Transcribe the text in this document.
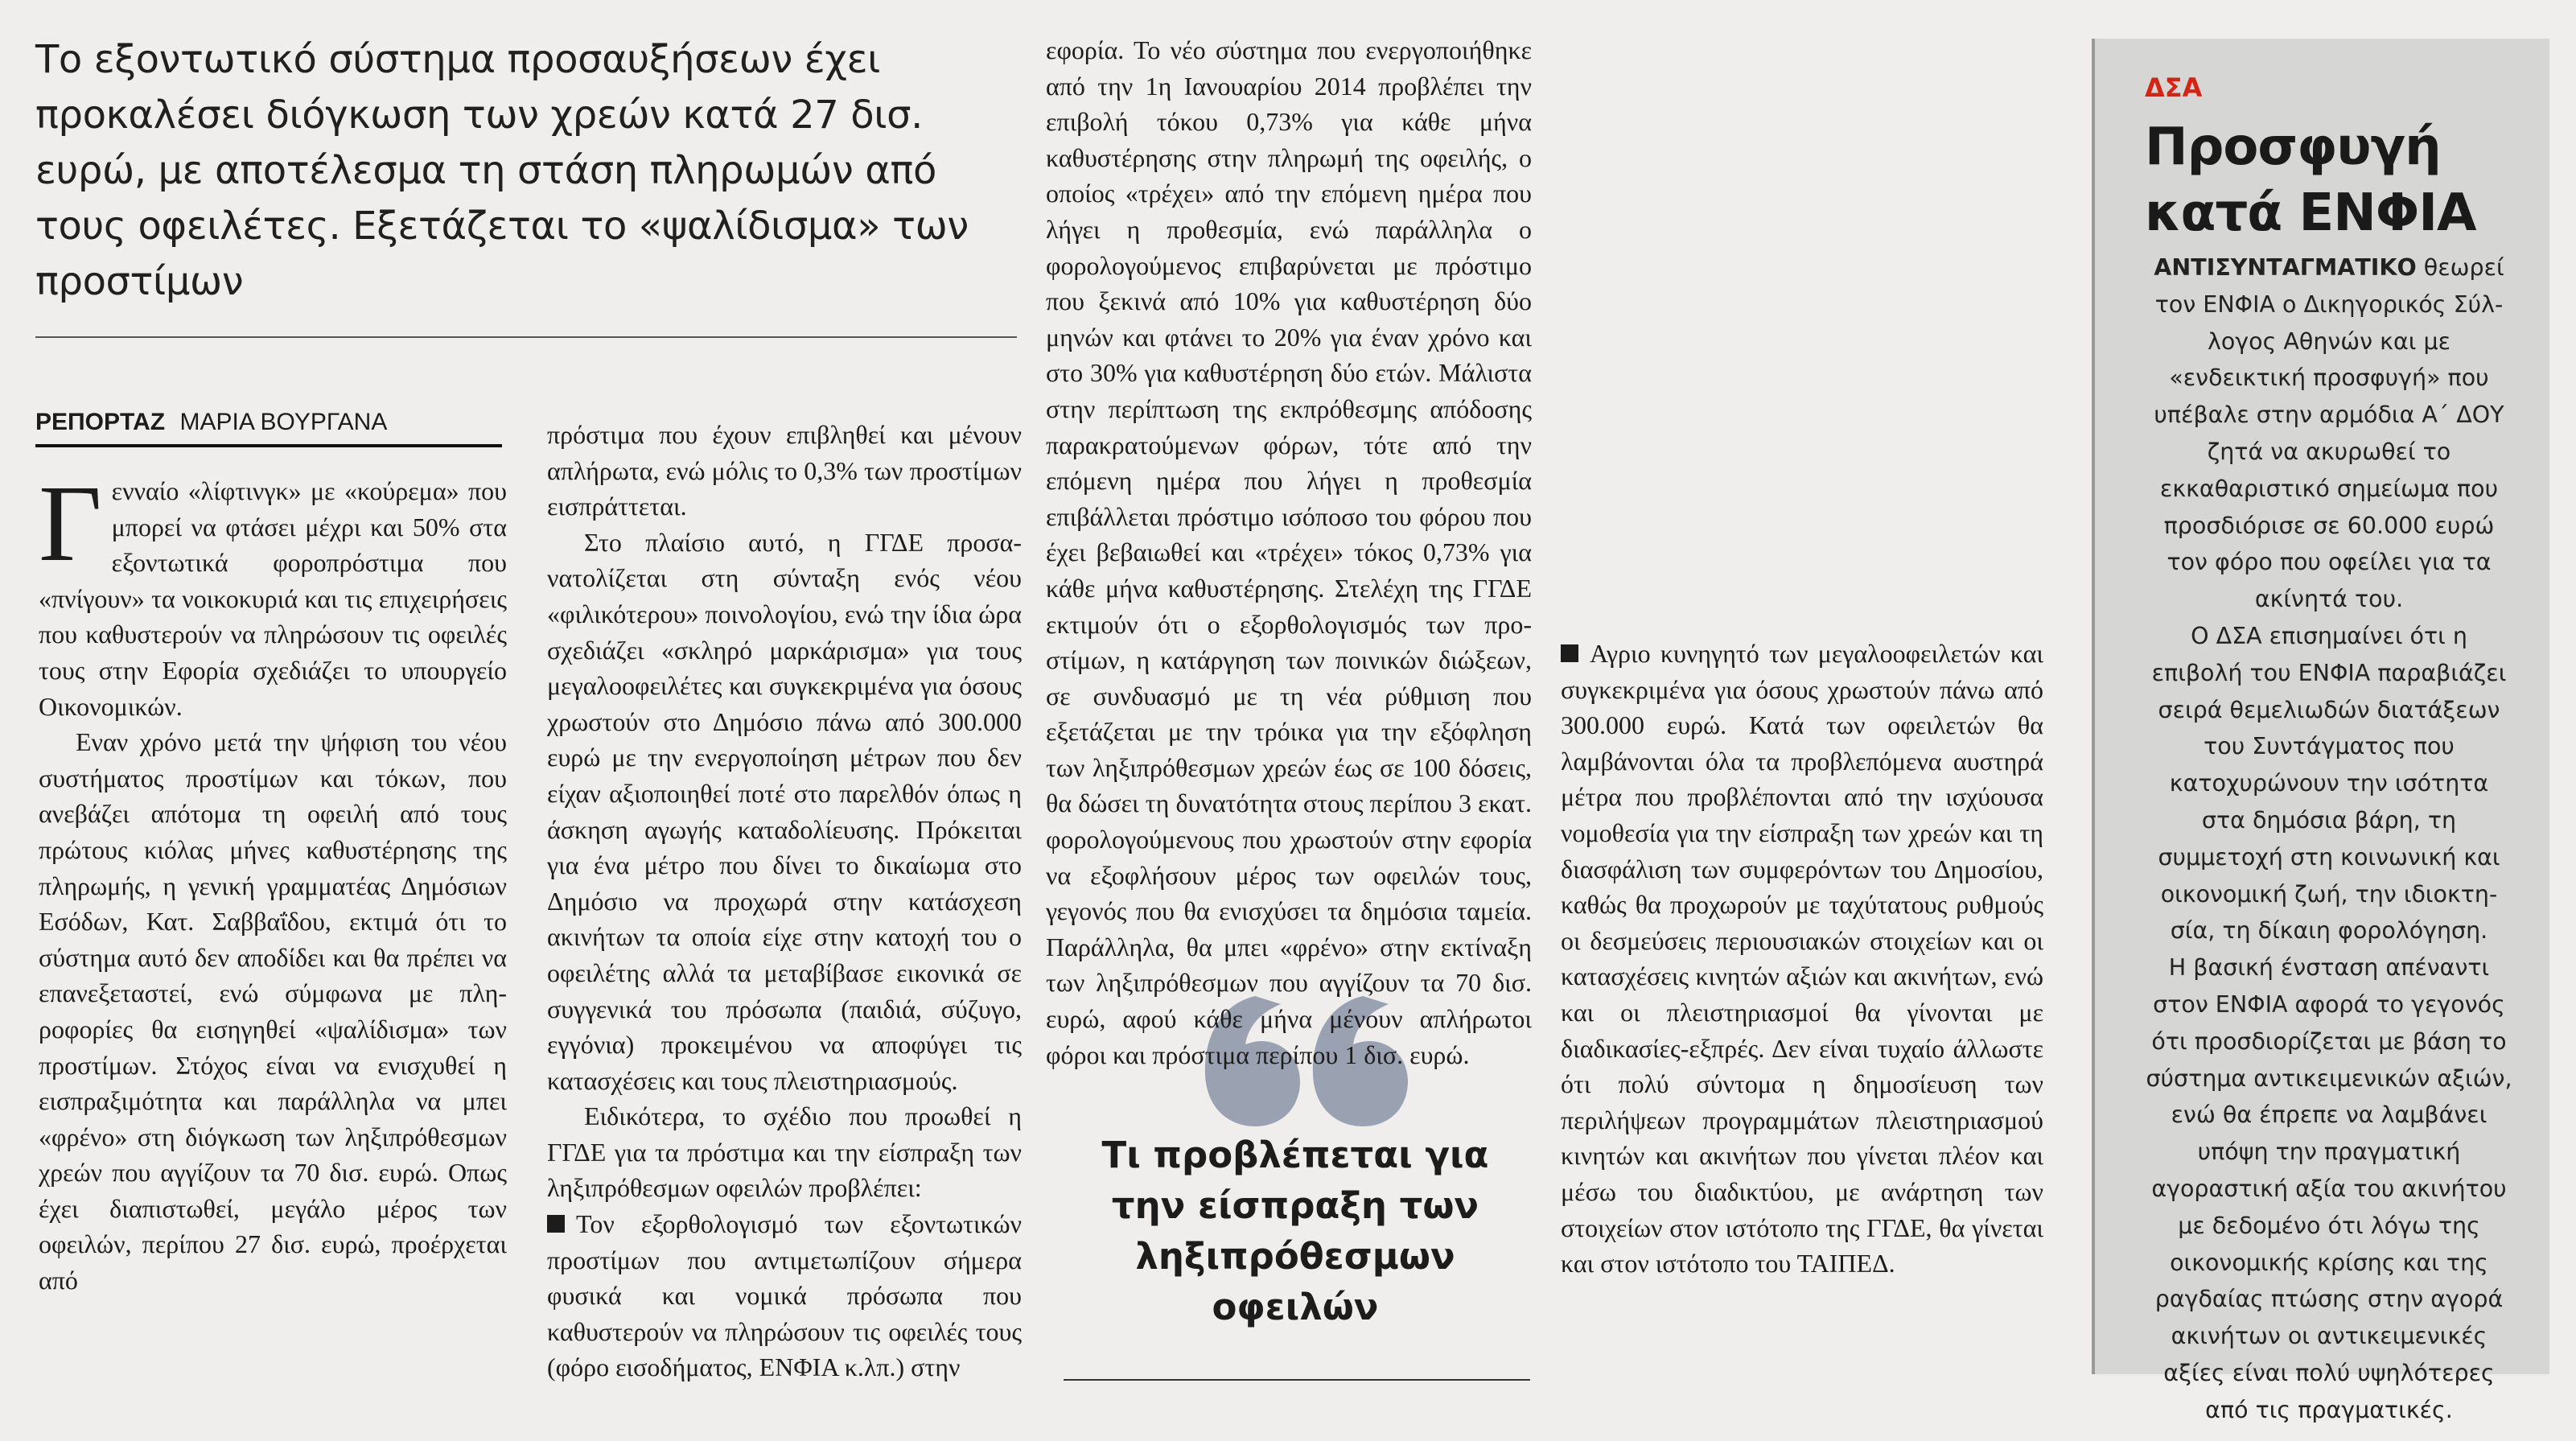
Το εξοντωτικό σύστημα προσαυξήσεων έχει προκαλέσει διόγκωση των χρεών κατά 27 δισ. ευρώ, με αποτέλεσμα τη στάση πληρωμών από τους οφειλέτες. Εξετάζεται το «ψαλίδισμα» των προστίμων
ΡΕΠΟΡΤΑΖ ΜΑΡΙΑ ΒΟΥΡΓΑΝΑ

Γενναίο «λίφτινγκ» με «κούρεμα» που μπορεί να φτάσει μέχρι και 50% στα εξοντωτικά φοροπρόστιμα που «πνίγουν» τα νοικοκυριά και τις επιχειρήσεις που καθυστερούν να πληρώσουν τις οφειλές τους στην Εφορία σχεδιάζει το υπουργείο Οικονομικών.

Εναν χρόνο μετά την ψήφιση του νέου συστήματος προστίμων και τόκων, που ανεβάζει απότομα τη οφειλή από τους πρώτους κιόλας μήνες καθυστέρησης της πληρωμής, η γενική γραμματέας Δημόσιων Εσόδων, Κατ. Σαββαΐδου, εκτιμά ότι το σύστημα αυτό δεν αποδίδει και θα πρέπει να επανεξεταστεί, ενώ σύμφωνα με πληροφορίες θα εισηγηθεί «ψαλίδισμα» των προστίμων. Στόχος είναι να ενισχυθεί η εισπραξιμότητα και παράλληλα να μπει «φρένο» στη διόγκωση των ληξιπρόθεσμων χρεών που αγγίζουν τα 70 δισ. ευρώ. Οπως έχει διαπιστωθεί, μεγάλο μέρος των οφειλών, περίπου 27 δισ. ευρώ, προέρχεται από

πρόστιμα που έχουν επιβληθεί και μένουν απλήρωτα, ενώ μόλις το 0,3% των προστίμων εισπράττεται.

Στο πλαίσιο αυτό, η ΓΓΔΕ προσανατολίζεται στη σύνταξη ενός νέου «φιλικότερου» ποινολογίου, ενώ την ίδια ώρα σχεδιάζει «σκληρό μαρκάρισμα» για τους μεγαλοοφειλέτες και συγκεκριμένα για όσους χρωστούν στο Δημόσιο πάνω από 300.000 ευρώ με την ενεργοποίηση μέτρων που δεν είχαν αξιοποιηθεί ποτέ στο παρελθόν όπως η άσκηση αγωγής καταδολίευσης. Πρόκειται για ένα μέτρο που δίνει το δικαίωμα στο Δημόσιο να προχωρά στην κατάσχεση ακινήτων τα οποία είχε στην κατοχή του ο οφειλέτης αλλά τα μεταβίβασε εικονικά σε συγγενικά του πρόσωπα (παιδιά, σύζυγο, εγγόνια) προκειμένου να αποφύγει τις κατασχέσεις και τους πλειστηριασμούς.

Ειδικότερα, το σχέδιο που προωθεί η ΓΓΔΕ για τα πρόστιμα και την είσπραξη των ληξιπρόθεσμων οφειλών προβλέπει:

Τον εξορθολογισμό των εξοντωτικών προστίμων που αντιμετωπίζουν σήμερα φυσικά και νομικά πρόσωπα που καθυστερούν να πληρώσουν τις οφειλές τους (φόρο εισοδήματος, ΕΝΦΙΑ κ.λπ.) στην

Αγριο κυνηγητό των μεγαλοοφειλετών και συγκεκριμένα για όσους χρωστούν πάνω από 300.000 ευρώ. Κατά των οφειλετών θα λαμβάνονται όλα τα προβλεπόμενα αυστηρά μέτρα που προβλέπονται από την ισχύουσα νομοθεσία για την είσπραξη των χρεών και τη διασφάλιση των συμφερόντων του Δημοσίου, καθώς θα προχωρούν με ταχύτατους ρυθμούς οι δεσμεύσεις περιουσιακών στοιχείων και οι κατασχέσεις κινητών αξιών και ακινήτων, ενώ και οι πλειστηριασμοί θα γίνονται με διαδικασίες-εξπρές. Δεν είναι τυχαίο άλλωστε ότι πολύ σύντομα η δημοσίευση των περιλήψεων προγραμμάτων πλειστηριασμού κινητών και ακινήτων που γίνεται πλέον και μέσω του διαδικτύου, με ανάρτηση των στοιχείων στον ιστότοπο της ΓΓΔΕ, θα γίνεται και στον ιστότοπο του ΤΑΙΠΕΔ.

Τι προβλέπεται για την είσπραξη των ληξιπρόθεσμων οφειλών
ΔΣΑ
Προσφυγή κατά ΕΝΦΙΑ

ΑΝΤΙΣΥΝΤΑΓΜΑΤΙΚΟ θεωρεί τον ΕΝΦΙΑ ο Δικηγορικός Σύλλογος Αθηνών και με «ενδεικτική προσφυγή» που υπέβαλε στην αρμόδια Α΄ ΔΟΥ ζητά να ακυρωθεί το εκκαθαριστικό σημείωμα που προσδιόρισε σε 60.000 ευρώ τον φόρο που οφείλει για τα ακίνητά του.

Ο ΔΣΑ επισημαίνει ότι η επιβολή του ΕΝΦΙΑ παραβιάζει σειρά θεμελιωδών διατάξεων του Συντάγματος που κατοχυρώνουν την ισότητα στα δημόσια βάρη, τη συμμετοχή στη κοινωνική και οικονομική ζωή, την ιδιοκτησία, τη δίκαιη φορολόγηση.

Η βασική ένσταση απέναντι στον ΕΝΦΙΑ αφορά το γεγονός ότι προσδιορίζεται με βάση το σύστημα αντικειμενικών αξιών, ενώ θα έπρεπε να λαμβάνει υπόψη την πραγματική αγοραστική αξία του ακινήτου με δεδομένο ότι λόγω της οικονομικής κρίσης και της ραγδαίας πτώσης στην αγορά ακινήτων οι αντικειμενικές αξίες είναι πολύ υψηλότερες από τις πραγματικές.

εφορία. Το νέο σύστημα που ενεργοποιήθηκε από την 1η Ιανουαρίου 2014 προβλέπει την επιβολή τόκου 0,73% για κάθε μήνα καθυστέρησης στην πληρωμή της οφειλής, ο οποίος «τρέχει» από την επόμενη ημέρα που λήγει η προθεσμία, ενώ παράλληλα ο φορολογούμενος επιβαρύνεται με πρόστιμο που ξεκινά από 10% για καθυστέρηση δύο μηνών και φτάνει το 20% για έναν χρόνο και στο 30% για καθυστέρηση δύο ετών. Μάλιστα στην περίπτωση της εκπρόθεσμης απόδοσης παρακρατούμενων φόρων, τότε από την επόμενη ημέρα που λήγει η προθεσμία επιβάλλεται πρόστιμο ισόποσο του φόρου που έχει βεβαιωθεί και «τρέχει» τόκος 0,73% για κάθε μήνα καθυστέρησης. Στελέχη της ΓΓΔΕ εκτιμούν ότι ο εξορθολογισμός των προστίμων, η κατάργηση των ποινικών διώξεων, σε συνδυασμό με τη νέα ρύθμιση που εξετάζεται με την τρόικα για την εξόφληση των ληξιπρόθεσμων χρεών έως σε 100 δόσεις, θα δώσει τη δυνατότητα στους περίπου 3 εκατ. φορολογούμενους που χρωστούν στην εφορία να εξοφλήσουν μέρος των οφειλών τους, γεγονός που θα ενισχύσει τα δημόσια ταμεία. Παράλληλα, θα μπει «φρένο» στην εκτίναξη των ληξιπρόθεσμων που αγγίζουν τα 70 δισ. ευρώ, αφού κάθε μήνα μένουν απλήρωτοι φόροι και πρόστιμα περίπου 1 δισ. ευρώ.
